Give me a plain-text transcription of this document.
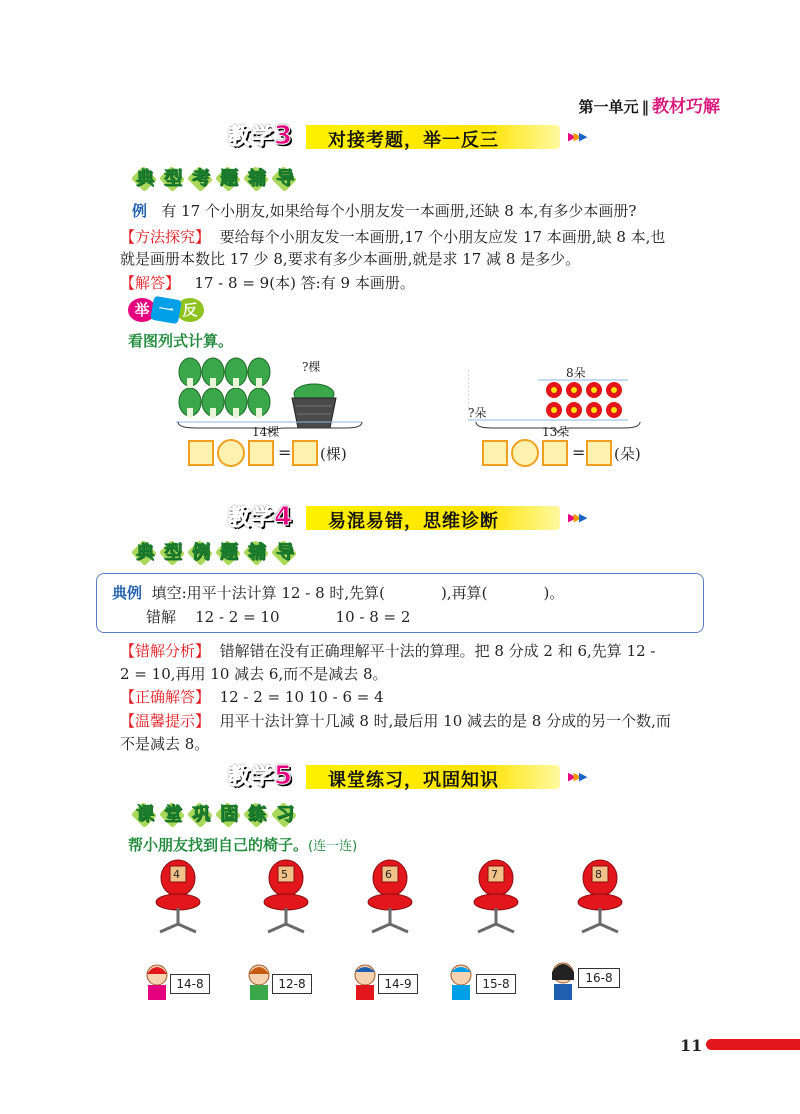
第一单元 ‖ 教材巧解
教学3 对接考题，举一反三	▶▶▶
典 型 考 题 辅 导
例 有 17 个小朋友,如果给每个小朋友发一本画册,还缺 8 本,有多少本画册?
【方法探究】 要给每个小朋友发一本画册,17 个小朋友应发 17 本画册,缺 8 本,也
就是画册本数比 17 少 8,要求有多少本画册,就是求 17 减 8 是多少。
【解答】 17 - 8 = 9(本) 答:有 9 本画册。
举 一 反 三
看图列式计算。
?棵
14棵
= (棵)
8朵
?朵
13朵
= (朵)
教学4 易混易错，思维诊断	▶▶▶
典 型 例 题 辅 导
典例 填空:用平十法计算 12 - 8 时,先算(	),再算(	)。
错解 12 - 2 = 10	10 - 8 = 2
【错解分析】 错解错在没有正确理解平十法的算理。把 8 分成 2 和 6,先算 12 -
2 = 10,再用 10 减去 6,而不是减去 8。
【正确解答】 12 - 2 = 10 10 - 6 = 4
【温馨提示】 用平十法计算十几减 8 时,最后用 10 减去的是 8 分成的另一个数,而
不是减去 8。
教学5 课堂练习，巩固知识	▶▶▶
课 堂 巩 固 练 习
帮小朋友找到自己的椅子。(连一连)
4	5	6	7	8
14-8	12-8	14-9	15-8	16-8
11
